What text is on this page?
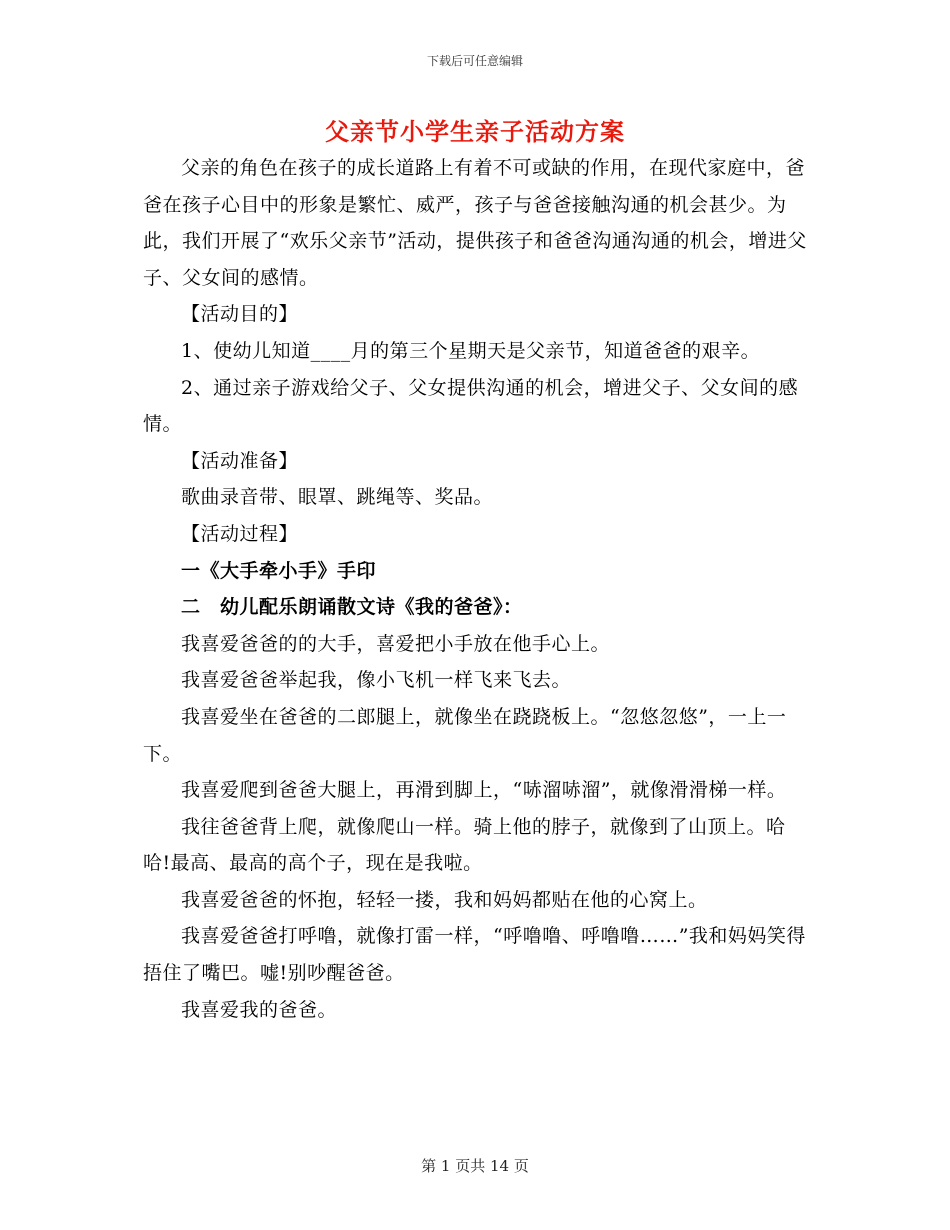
下载后可任意编辑
父亲节小学生亲子活动方案

父亲的角色在孩子的成长道路上有着不可或缺的作用，在现代家庭中，爸爸在孩子心目中的形象是繁忙、威严，孩子与爸爸接触沟通的机会甚少。为此，我们开展了“欢乐父亲节”活动，提供孩子和爸爸沟通沟通的机会，增进父子、父女间的感情。

【活动目的】

1、使幼儿知道____月的第三个星期天是父亲节，知道爸爸的艰辛。

2、通过亲子游戏给父子、父女提供沟通的机会，增进父子、父女间的感情。

【活动准备】

歌曲录音带、眼罩、跳绳等、奖品。

【活动过程】

一《大手牵小手》手印

二　幼儿配乐朗诵散文诗《我的爸爸》：

我喜爱爸爸的的大手，喜爱把小手放在他手心上。

我喜爱爸爸举起我，像小飞机一样飞来飞去。

我喜爱坐在爸爸的二郎腿上，就像坐在跷跷板上。“忽悠忽悠”，一上一下。

我喜爱爬到爸爸大腿上，再滑到脚上，“哧溜哧溜”，就像滑滑梯一样。

我往爸爸背上爬，就像爬山一样。骑上他的脖子，就像到了山顶上。哈哈!最高、最高的高个子，现在是我啦。

我喜爱爸爸的怀抱，轻轻一搂，我和妈妈都贴在他的心窝上。

我喜爱爸爸打呼噜，就像打雷一样，“呼噜噜、呼噜噜……”我和妈妈笑得捂住了嘴巴。嘘!别吵醒爸爸。

我喜爱我的爸爸。

第 1 页共 14 页
